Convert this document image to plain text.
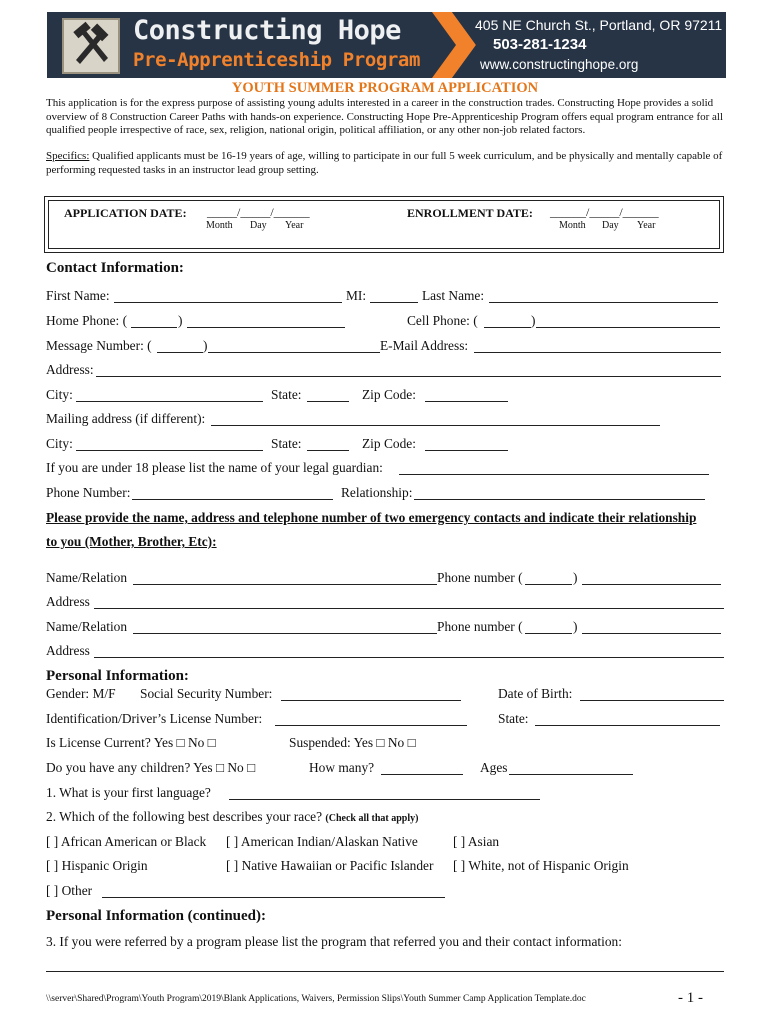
Constructing Hope
Pre-Apprenticeship Program
405 NE Church St., Portland, OR 97211
503-281-1234
www.constructinghope.org
YOUTH SUMMER PROGRAM APPLICATION
This application is for the express purpose of assisting young adults interested in a career in the construction trades. Constructing Hope provides a solid overview of 8 Construction Career Paths with hands-on experience. Constructing Hope Pre-Apprenticeship Program offers equal program entrance for all qualified people irrespective of race, sex, religion, national origin, political affiliation, or any other non-job related factors.
Specifics: Qualified applicants must be 16-19 years of age, willing to participate in our full 5 week curriculum, and be physically and mentally capable of performing requested tasks in an instructor lead group setting.
APPLICATION DATE: _____/_____/______
Month Day Year
ENROLLMENT DATE: ______/_____/______
Month Day Year
Contact Information:
First Name:	MI:	Last Name:
Home Phone: (	)	Cell Phone: (	)
Message Number: (	)	E-Mail Address:
Address:
City:	State:	Zip Code:
Mailing address (if different):
City:	State:	Zip Code:
If you are under 18 please list the name of your legal guardian:
Phone Number:	Relationship:
Please provide the name, address and telephone number of two emergency contacts and indicate their relationship
to you (Mother, Brother, Etc):
Name/Relation	Phone number (	)
Address
Name/Relation	Phone number (	)
Address
Personal Information:
Gender: M/F Social Security Number:	Date of Birth:
Identification/Driver’s License Number:	State:
Is License Current? Yes □ No □	Suspended: Yes □ No □
Do you have any children? Yes □ No □	How many?	Ages
1. What is your first language?
2. Which of the following best describes your race? (Check all that apply)
[ ] African American or Black [ ] American Indian/Alaskan Native	[ ] Asian
[ ] Hispanic Origin	[ ] Native Hawaiian or Pacific Islander [ ] White, not of Hispanic Origin
[ ] Other
Personal Information (continued):
3. If you were referred by a program please list the program that referred you and their contact information:
\\server\Shared\Program\Youth Program\2019\Blank Applications, Waivers, Permission Slips\Youth Summer Camp Application Template.doc	- 1 -
